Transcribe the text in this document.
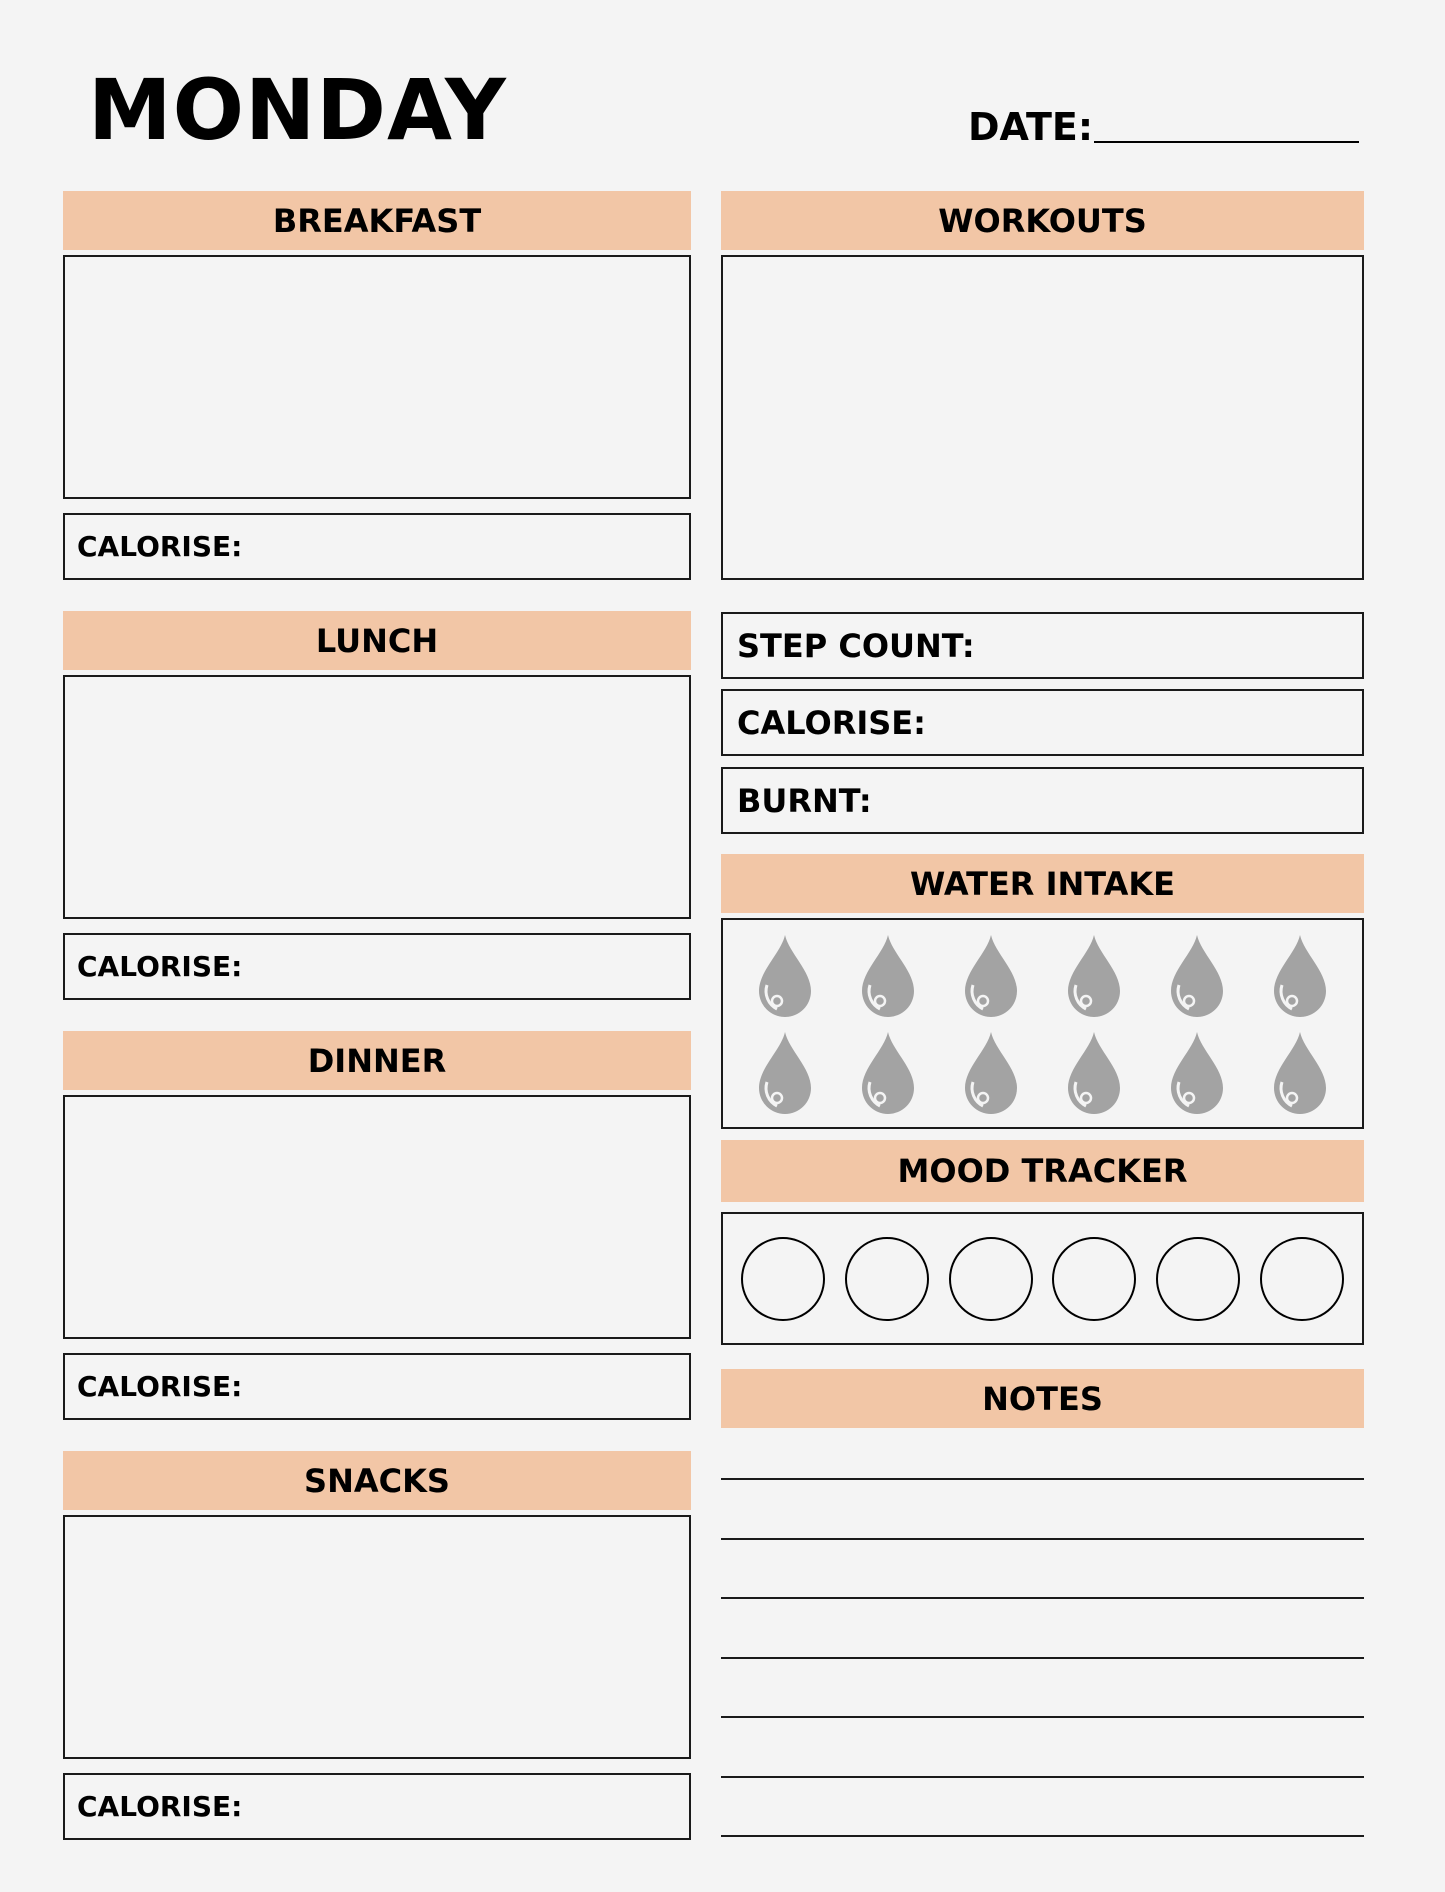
MONDAY	DATE:
BREAKFAST
CALORISE:
LUNCH
CALORISE:
DINNER
CALORISE:
SNACKS
CALORISE:
WORKOUTS
STEP COUNT:
CALORISE:
BURNT:
WATER INTAKE
MOOD TRACKER
NOTES
